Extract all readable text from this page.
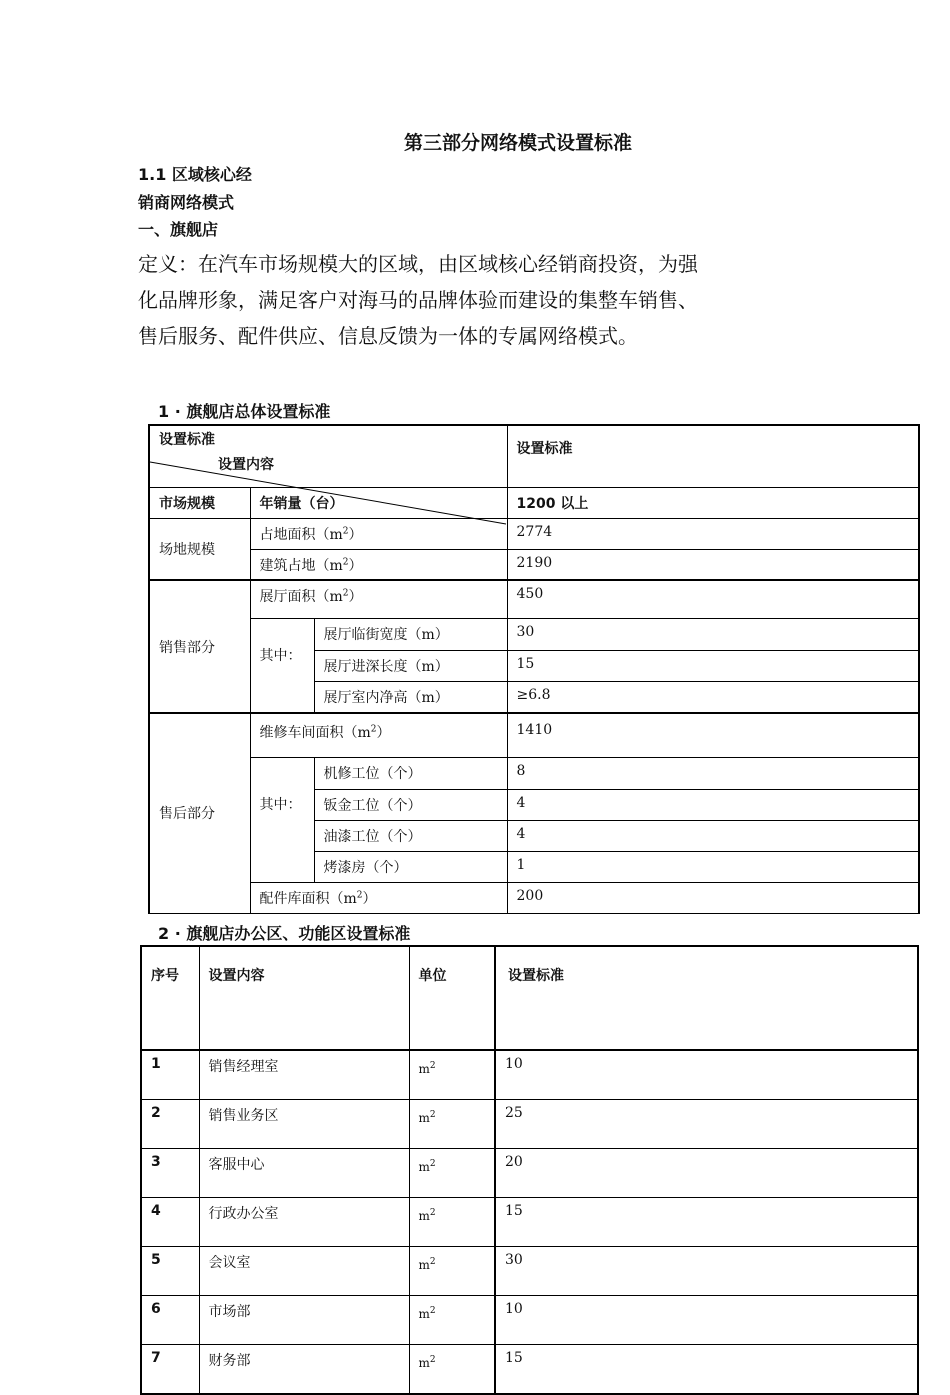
第三部分网络模式设置标准
1.1 区域核心经
销商网络模式
一、旗舰店
定义：在汽车市场规模大的区域，由区域核心经销商投资，为强化品牌形象，满足客户对海马的品牌体验而建设的集整车销售、售后服务、配件供应、信息反馈为一体的专属网络模式。
1 · 旗舰店总体设置标准
设置标准
设置内容			设置标准
市场规模	年销量（台）		1200 以上
场地规模	占地面积$(m^2)$		2774
	建筑占地$(m^2)$		2190
销售部分	展厅面积$(m^2)$		450
	其中：	展厅临街宽度（m）	30
		展厅进深长度（m）	15
		展厅室内净高（m）	≥6.8
售后部分	维修车间面积$(m^2)$		1410
	其中：	机修工位（个）	8
		钣金工位（个）	4
		油漆工位（个）	4
		烤漆房（个）	1
	配件库面积$(m^2)$		200
2 · 旗舰店办公区、功能区设置标准
序号	设置内容	单位	设置标准
1	销售经理室	$m^2$	10
2	销售业务区	$m^2$	25
3	客服中心	$m^2$	20
4	行政办公室	$m^2$	15
5	会议室	$m^2$	30
6	市场部	$m^2$	10
7	财务部	$m^2$	15
